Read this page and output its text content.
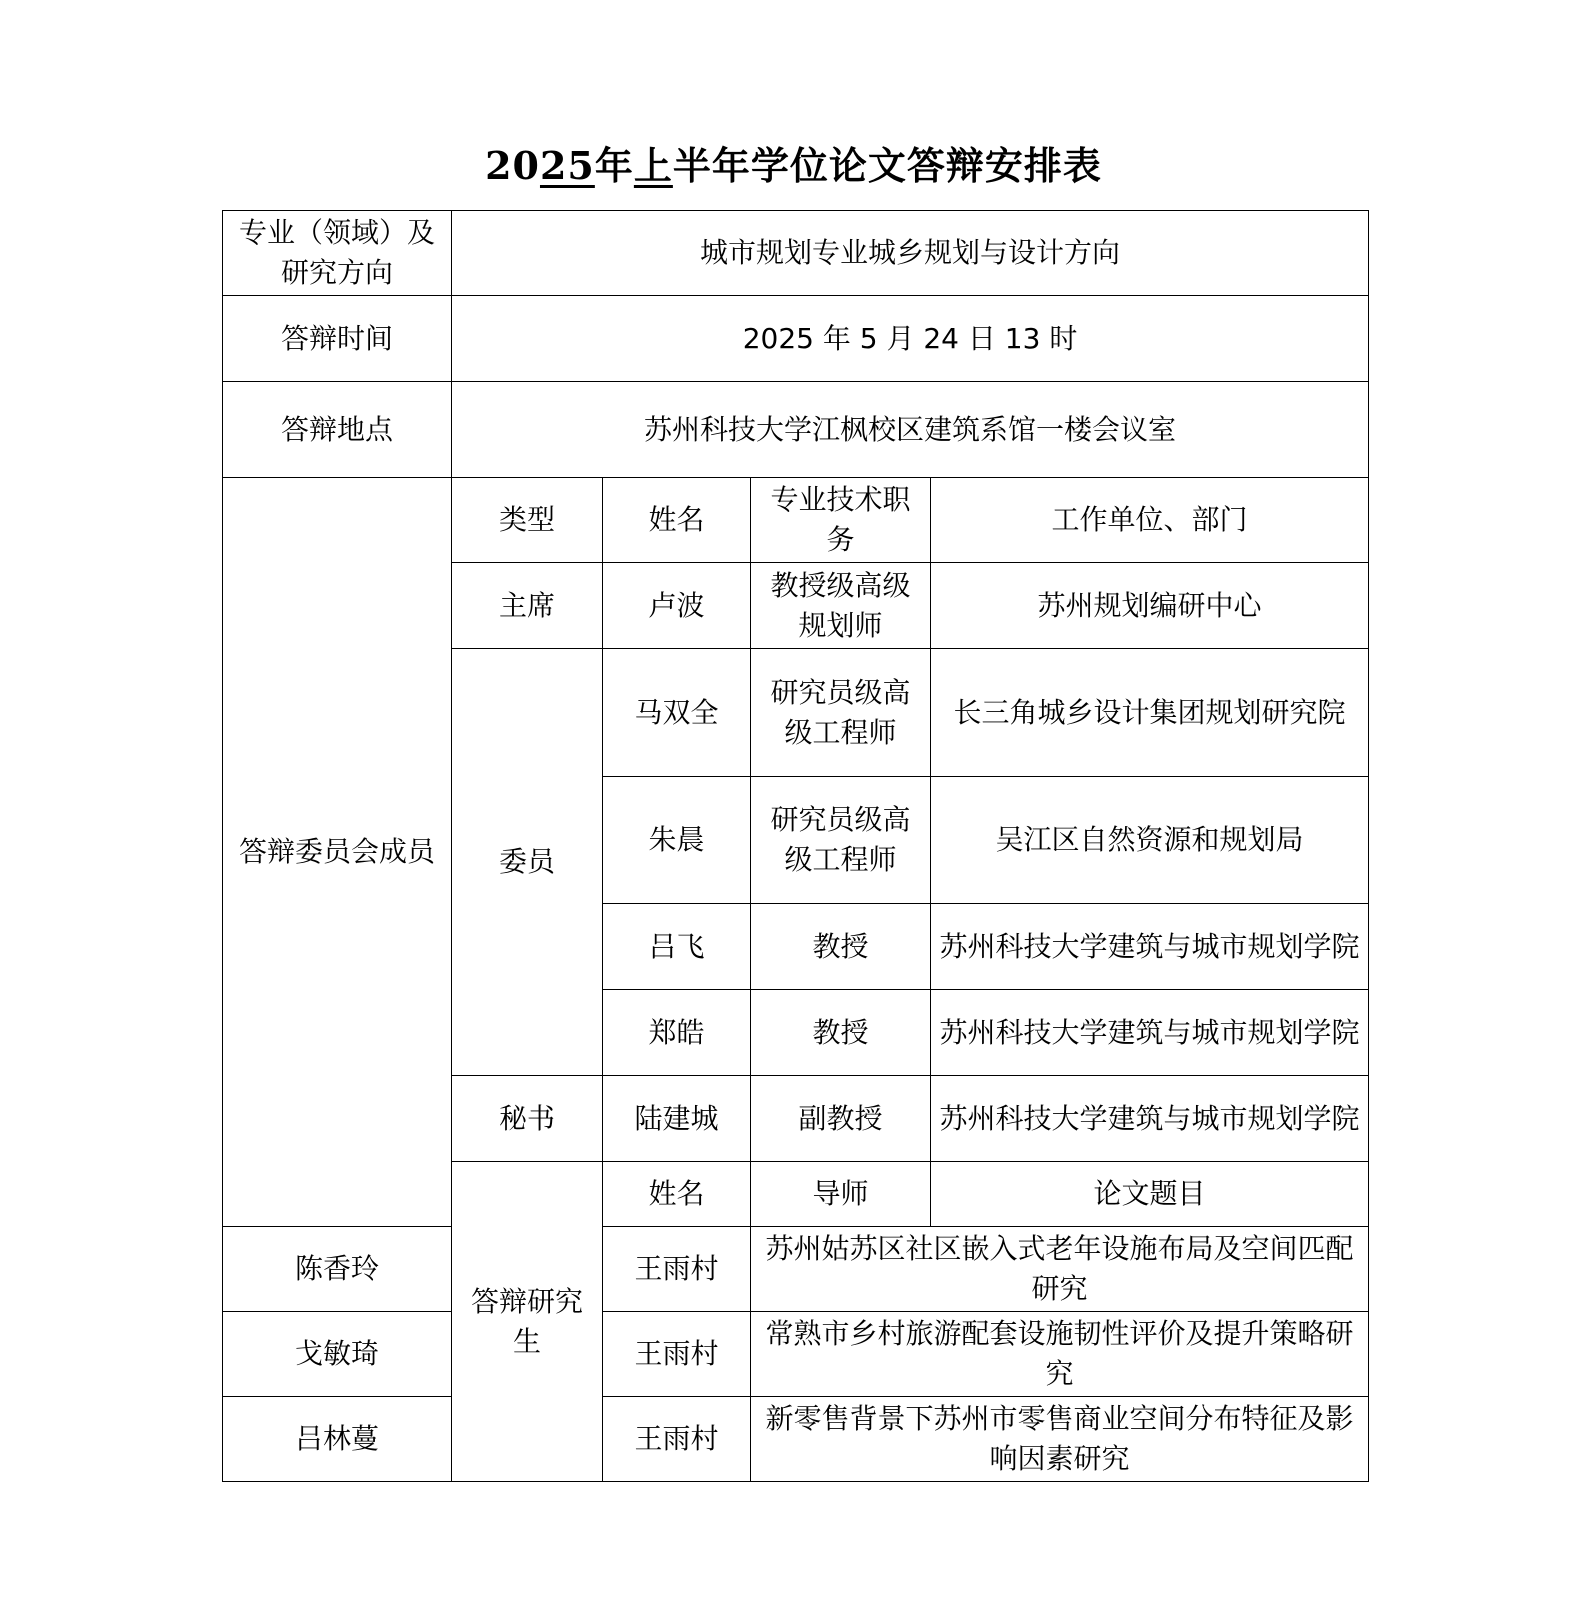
2025年上半年学位论文答辩安排表
专业（领域）及研究方向	城市规划专业城乡规划与设计方向			
答辩时间	2025 年 5 月 24 日 13 时			
答辩地点	苏州科技大学江枫校区建筑系馆一楼会议室			
答辩委员会成员	类型	姓名	专业技术职务	工作单位、部门
	主席	卢波	教授级高级规划师	苏州规划编研中心
	委员	马双全	研究员级高级工程师	长三角城乡设计集团规划研究院
		朱晨	研究员级高级工程师	吴江区自然资源和规划局
		吕飞	教授	苏州科技大学建筑与城市规划学院
		郑皓	教授	苏州科技大学建筑与城市规划学院
	秘书	陆建城	副教授	苏州科技大学建筑与城市规划学院
	答辩研究生	姓名	导师	论文题目
陈香玲		王雨村	苏州姑苏区社区嵌入式老年设施布局及空间匹配研究	
戈敏琦		王雨村	常熟市乡村旅游配套设施韧性评价及提升策略研究	
吕林蔓		王雨村	新零售背景下苏州市零售商业空间分布特征及影响因素研究	
